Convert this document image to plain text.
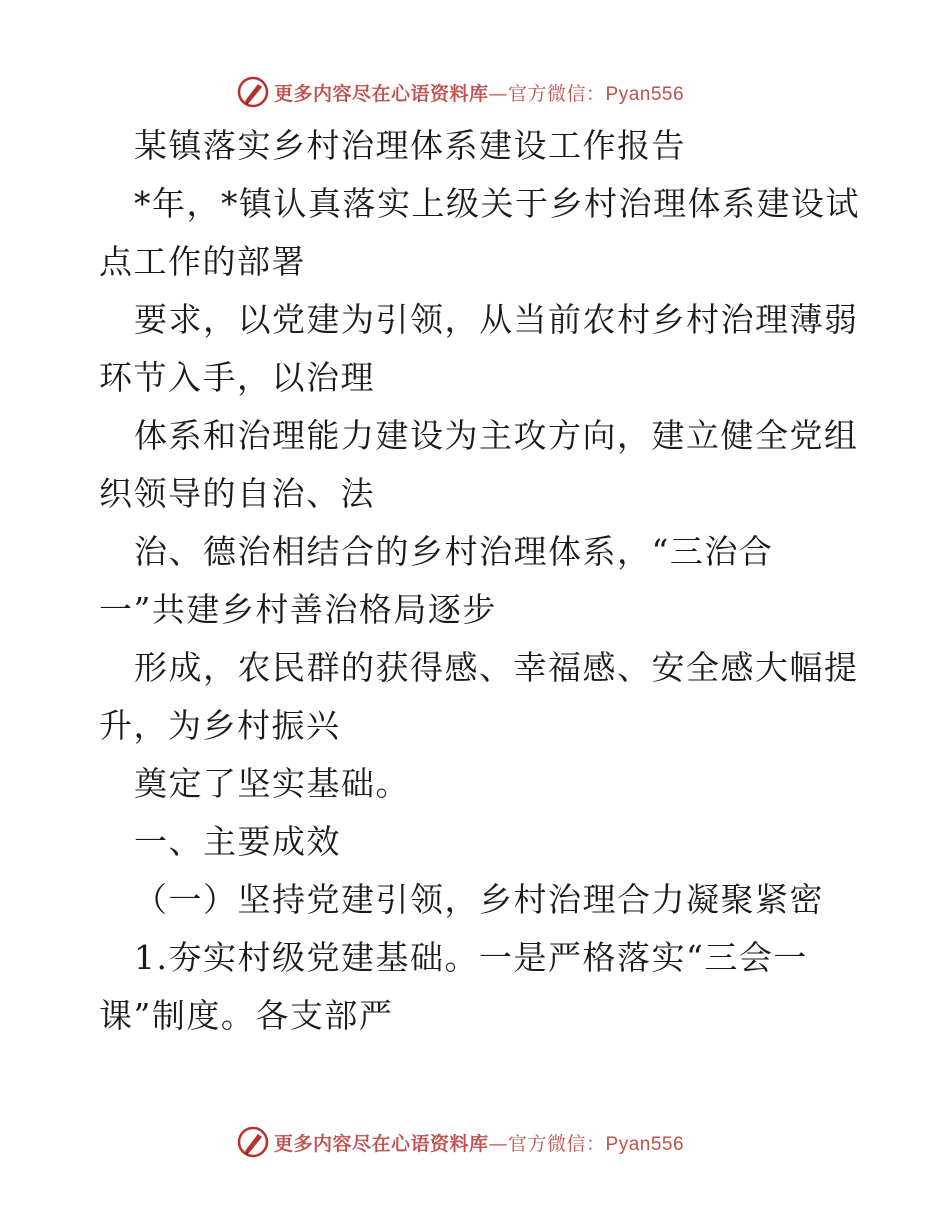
更多内容尽在心语资料库—官方微信：Pyan556
某镇落实乡村治理体系建设工作报告
*年，*镇认真落实上级关于乡村治理体系建设试
点工作的部署
要求，以党建为引领，从当前农村乡村治理薄弱
环节入手，以治理
体系和治理能力建设为主攻方向，建立健全党组
织领导的自治、法
治、德治相结合的乡村治理体系，“三治合
一”共建乡村善治格局逐步
形成，农民群的获得感、幸福感、安全感大幅提
升，为乡村振兴
奠定了坚实基础。
一、主要成效
（一）坚持党建引领，乡村治理合力凝聚紧密
1.夯实村级党建基础。一是严格落实“三会一
课”制度。各支部严
更多内容尽在心语资料库—官方微信：Pyan556
